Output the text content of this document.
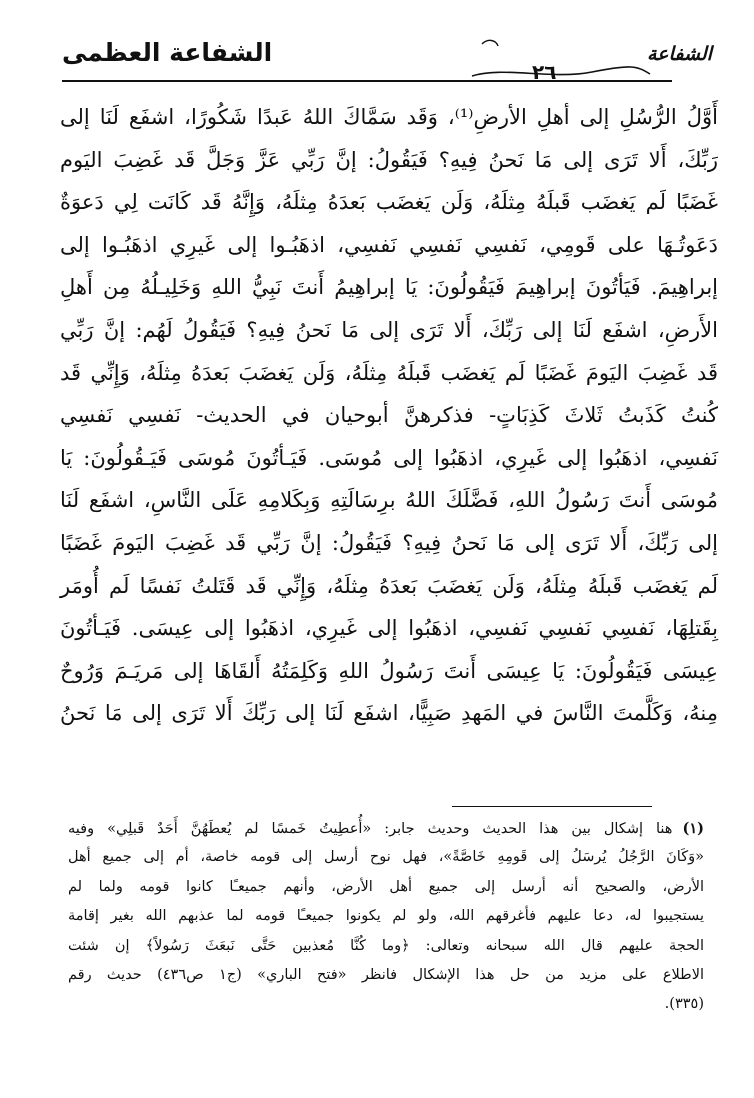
الشفاعة العظمى	الشفاعة
٢٦
أَوَّلُ الرُّسُلِ إلى أهلِ الأرضِ⁽¹⁾، وَقَد سَمَّاكَ اللهُ عَبدًا شَكُورًا، اشفَع لَنَا إلى
رَبِّكَ، أَلا تَرَى إلى مَا نَحنُ فِيهِ؟ فَيَقُولُ: إنَّ رَبِّي عَزَّ وَجَلَّ قَد غَضِبَ اليَوم
غَضَبًا لَم يَغضَب قَبلَهُ مِثلَهُ، وَلَن يَغضَب بَعدَهُ مِثلَهُ، وَإِنَّهُ قَد كَانَت لِي دَعوَةٌ
دَعَوتُـهَا على قَومِي، نَفسِي نَفسِي نَفسِي، اذهَبُـوا إلى غَيرِي اذهَبُـوا إلى
إبراهِيمَ. فَيَأتُونَ إبراهِيمَ فَيَقُولُونَ: يَا إبراهِيمُ أَنتَ نَبِيُّ اللهِ وَخَلِيـلُهُ مِن أَهلِ
الأَرضِ، اشفَع لَنَا إلى رَبِّكَ، أَلا تَرَى إلى مَا نَحنُ فِيهِ؟ فَيَقُولُ لَهُم: إنَّ رَبِّي
قَد غَضِبَ اليَومَ غَضَبًا لَم يَغضَب قَبلَهُ مِثلَهُ، وَلَن يَغضَبَ بَعدَهُ مِثلَهُ، وَإِنِّي قَد
كُنتُ كَذَبتُ ثَلاثَ كَذِبَاتٍ- فذكرهنَّ أبوحيان في الحديث- نَفسِي نَفسِي
نَفسِي، اذهَبُوا إلى غَيرِي، اذهَبُوا إلى مُوسَى. فَيَـأتُونَ مُوسَى فَيَـقُولُونَ: يَا
مُوسَى أَنتَ رَسُولُ اللهِ، فَضَّلَكَ اللهُ برِسَالَتِهِ وَبِكَلامِهِ عَلَى النَّاسِ، اشفَع لَنَا
إلى رَبِّكَ، أَلا تَرَى إلى مَا نَحنُ فِيهِ؟ فَيَقُولُ: إنَّ رَبِّي قَد غَضِبَ اليَومَ غَضَبًا
لَم يَغضَب قَبلَهُ مِثلَهُ، وَلَن يَغضَبَ بَعدَهُ مِثلَهُ، وَإِنِّي قَد قَتَلتُ نَفسًا لَم أُومَر
بِقَتلِهَا، نَفسِي نَفسِي نَفسِي، اذهَبُوا إلى غَيرِي، اذهَبُوا إلى عِيسَى. فَيَـأتُونَ
عِيسَى فَيَقُولُونَ: يَا عِيسَى أَنتَ رَسُولُ اللهِ وَكَلِمَتُهُ أَلقَاهَا إلى مَريَـمَ وَرُوحٌ
مِنهُ، وَكَلَّمتَ النَّاسَ في المَهدِ صَبِيًّا، اشفَع لَنَا إلى رَبِّكَ أَلا تَرَى إلى مَا نَحنُ
(١)هنا إشكال بين هذا الحديث وحديث جابر: «أُعطِيتُ خَمسًا لم يُعطَهُنَّ أَحَدٌ قَبلِي» وفيه
«وَكَانَ الرَّجُلُ يُرسَلُ إلى قَومِهِ خَاصَّةً»، فهل نوح أرسل إلى قومه خاصة، أم إلى جميع أهل
الأرض، والصحيح أنه أرسل إلى جميع أهل الأرض، وأنهم جميعـًا كانوا قومه ولما لم
يستجيبوا له، دعا عليهم فأغرقهم الله، ولو لم يكونوا جميعـًا قومه لما عذبهم الله بغير إقامة
الحجة عليهم قال الله سبحانه وتعالى: ﴿وما كُنَّا مُعذبين حَتَّى نَبعَثَ رَسُولاً﴾ إن شئت
الاطلاع على مزيد من حل هذا الإشكال فانظر «فتح الباري» (ج١ ص٤٣٦) حديث رقم
(٣٣٥).
